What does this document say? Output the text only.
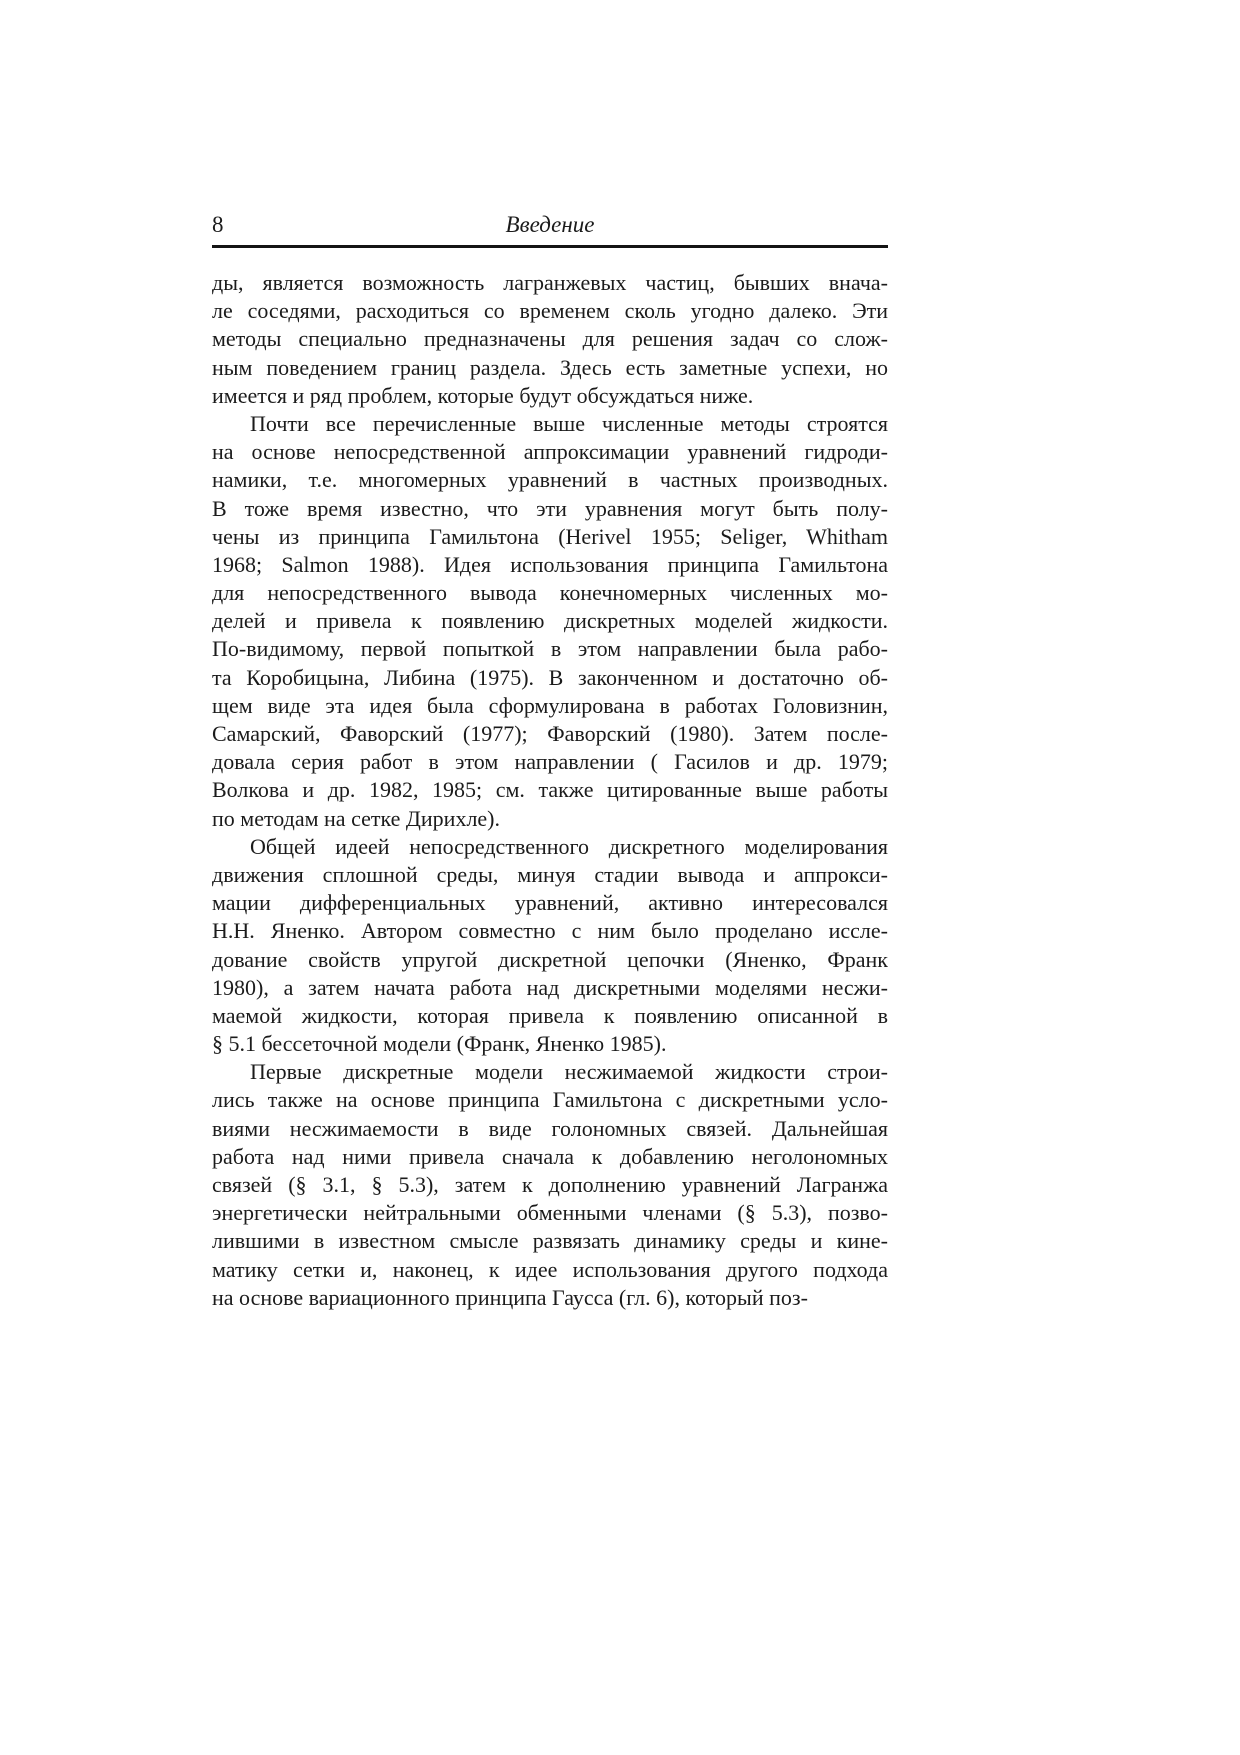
8	Введение
ды, является возможность лагранжевых частиц, бывших внача-
ле соседями, расходиться со временем сколь угодно далеко. Эти
методы специально предназначены для решения задач со слож-
ным поведением границ раздела. Здесь есть заметные успехи, но
имеется и ряд проблем, которые будут обсуждаться ниже.
Почти все перечисленные выше численные методы строятся
на основе непосредственной аппроксимации уравнений гидроди-
намики, т.е. многомерных уравнений в частных производных.
В тоже время известно, что эти уравнения могут быть полу-
чены из принципа Гамильтона (Herivel 1955; Seliger, Whitham
1968; Salmon 1988). Идея использования принципа Гамильтона
для непосредственного вывода конечномерных численных мо-
делей и привела к появлению дискретных моделей жидкости.
По-видимому, первой попыткой в этом направлении была рабо-
та Коробицына, Либина (1975). В законченном и достаточно об-
щем виде эта идея была сформулирована в работах Головизнин,
Самарский, Фаворский (1977); Фаворский (1980). Затем после-
довала серия работ в этом направлении ( Гасилов и др. 1979;
Волкова и др. 1982, 1985; см. также цитированные выше работы
по методам на сетке Дирихле).
Общей идеей непосредственного дискретного моделирования
движения сплошной среды, минуя стадии вывода и аппрокси-
мации дифференциальных уравнений, активно интересовался
Н.Н. Яненко. Автором совместно с ним было проделано иссле-
дование свойств упругой дискретной цепочки (Яненко, Франк
1980), а затем начата работа над дискретными моделями несжи-
маемой жидкости, которая привела к появлению описанной в
§ 5.1 бессеточной модели (Франк, Яненко 1985).
Первые дискретные модели несжимаемой жидкости строи-
лись также на основе принципа Гамильтона с дискретными усло-
виями несжимаемости в виде голономных связей. Дальнейшая
работа над ними привела сначала к добавлению неголономных
связей (§ 3.1, § 5.3), затем к дополнению уравнений Лагранжа
энергетически нейтральными обменными членами (§ 5.3), позво-
лившими в известном смысле развязать динамику среды и кине-
матику сетки и, наконец, к идее использования другого подхода
на основе вариационного принципа Гаусса (гл. 6), который поз-
